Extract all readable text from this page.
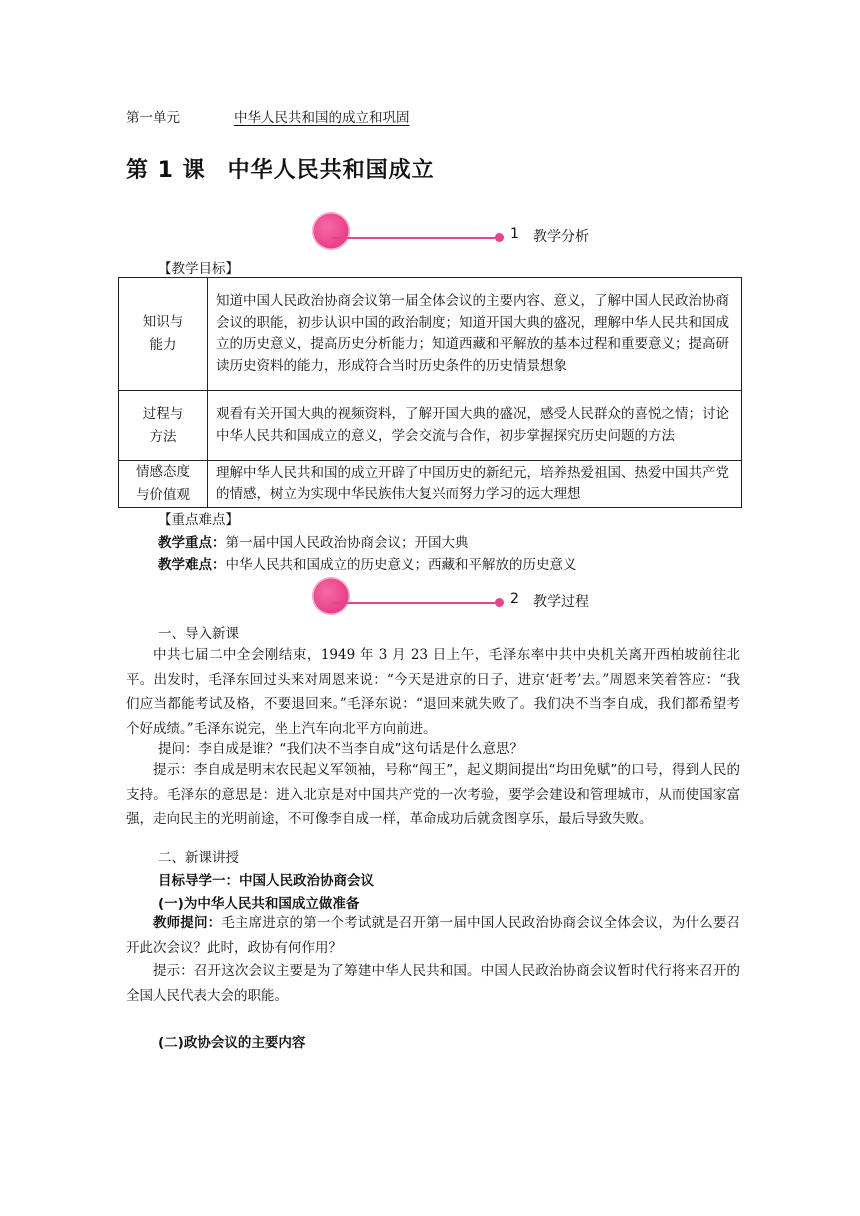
第一单元	中华人民共和国的成立和巩固
第 1 课 中华人民共和国成立
1 教学分析
【教学目标】
知识与
能力	知道中国人民政治协商会议第一届全体会议的主要内容、意义，了解中国人民政治协商会议的职能，初步认识中国的政治制度；知道开国大典的盛况，理解中华人民共和国成立的历史意义，提高历史分析能力；知道西藏和平解放的基本过程和重要意义；提高研读历史资料的能力，形成符合当时历史条件的历史情景想象
过程与
方法	观看有关开国大典的视频资料，了解开国大典的盛况，感受人民群众的喜悦之情；讨论中华人民共和国成立的意义，学会交流与合作，初步掌握探究历史问题的方法
情感态度
与价值观	理解中华人民共和国的成立开辟了中国历史的新纪元，培养热爱祖国、热爱中国共产党的情感，树立为实现中华民族伟大复兴而努力学习的远大理想
【重点难点】
教学重点：第一届中国人民政治协商会议；开国大典
教学难点：中华人民共和国成立的历史意义；西藏和平解放的历史意义
2 教学过程
一、导入新课
中共七届二中全会刚结束，1949 年 3 月 23 日上午，毛泽东率中共中央机关离开西柏坡前往北平。出发时，毛泽东回过头来对周恩来说：“今天是进京的日子，进京‘赶考’去。”周恩来笑着答应：“我们应当都能考试及格，不要退回来。”毛泽东说：“退回来就失败了。我们决不当李自成，我们都希望考个好成绩。”毛泽东说完，坐上汽车向北平方向前进。
提问：李自成是谁？“我们决不当李自成”这句话是什么意思？
提示：李自成是明末农民起义军领袖，号称“闯王”，起义期间提出“均田免赋”的口号，得到人民的支持。毛泽东的意思是：进入北京是对中国共产党的一次考验，要学会建设和管理城市，从而使国家富强，走向民主的光明前途，不可像李自成一样，革命成功后就贪图享乐，最后导致失败。
二、新课讲授
目标导学一：中国人民政治协商会议
(一)为中华人民共和国成立做准备
教师提问：毛主席进京的第一个考试就是召开第一届中国人民政治协商会议全体会议，为什么要召开此次会议？此时，政协有何作用？
提示：召开这次会议主要是为了筹建中华人民共和国。中国人民政治协商会议暂时代行将来召开的全国人民代表大会的职能。
(二)政协会议的主要内容
